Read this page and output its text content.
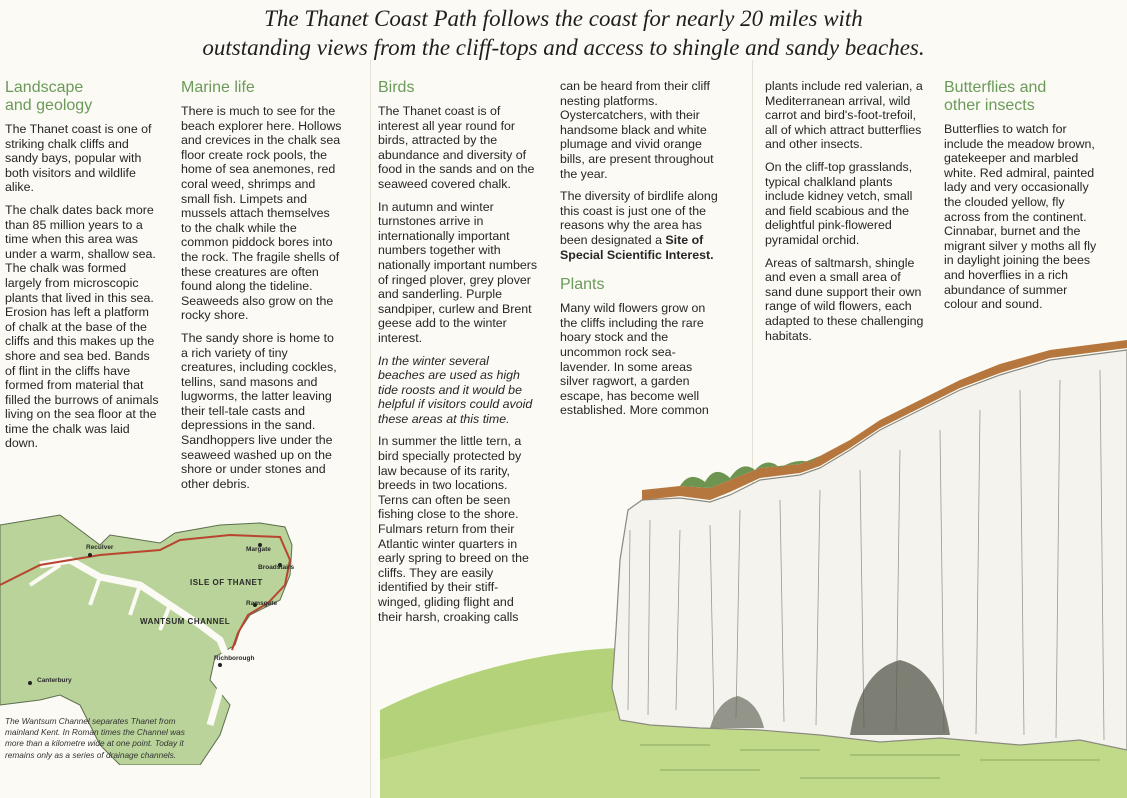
The Thanet Coast Path follows the coast for nearly 20 miles with
outstanding views from the cliff-tops and access to shingle and sandy beaches.
Landscape
and geology

The Thanet coast is one of striking chalk cliffs and sandy bays, popular with both visitors and wildlife alike.

The chalk dates back more than 85 million years to a time when this area was under a warm, shallow sea. The chalk was formed largely from microscopic plants that lived in this sea. Erosion has left a platform of chalk at the base of the cliffs and this makes up the shore and sea bed. Bands of flint in the cliffs have formed from material that filled the burrows of animals living on the sea floor at the time the chalk was laid down.

Marine life

There is much to see for the beach explorer here. Hollows and crevices in the chalk sea floor create rock pools, the home of sea anemones, red coral weed, shrimps and small fish. Limpets and mussels attach themselves to the chalk while the common piddock bores into the rock. The fragile shells of these creatures are often found along the tideline. Seaweeds also grow on the rocky shore.

The sandy shore is home to a rich variety of tiny creatures, including cockles, tellins, sand masons and lugworms, the latter leaving their tell-tale casts and depressions in the sand. Sandhoppers live under the seaweed washed up on the shore or under stones and other debris.

Birds

The Thanet coast is of interest all year round for birds, attracted by the abundance and diversity of food in the sands and on the seaweed covered chalk.

In autumn and winter turnstones arrive in internationally important numbers together with nationally important numbers of ringed plover, grey plover and sanderling. Purple sandpiper, curlew and Brent geese add to the winter interest.

In the winter several beaches are used as high tide roosts and it would be helpful if visitors could avoid these areas at this time.

In summer the little tern, a bird specially protected by law because of its rarity, breeds in two locations. Terns can often be seen fishing close to the shore. Fulmars return from their Atlantic winter quarters in early spring to breed on the cliffs. They are easily identified by their stiff-winged, gliding flight and their harsh, croaking calls

can be heard from their cliff nesting platforms. Oystercatchers, with their handsome black and white plumage and vivid orange bills, are present throughout the year.

The diversity of birdlife along this coast is just one of the reasons why the area has been designated a Site of Special Scientific Interest.

Plants

Many wild flowers grow on the cliffs including the rare hoary stock and the uncommon rock sea-lavender. In some areas silver ragwort, a garden escape, has become well established. More common

plants include red valerian, a Mediterranean arrival, wild carrot and bird's-foot-trefoil, all of which attract butterflies and other insects.

On the cliff-top grasslands, typical chalkland plants include kidney vetch, small and field scabious and the delightful pink-flowered pyramidal orchid.

Areas of saltmarsh, shingle and even a small area of sand dune support their own range of wild flowers, each adapted to these challenging habitats.

Butterflies and
other insects

Butterflies to watch for include the meadow brown, gatekeeper and marbled white. Red admiral, painted lady and very occasionally the clouded yellow, fly across from the continent. Cinnabar, burnet and the migrant silver y moths all fly in daylight joining the bees and hoverflies in a rich abundance of summer colour and sound.

Reculver	Margate
Broadstairs
ISLE OF THANET
Ramsgate
WANTSUM CHANNEL
Richborough
Canterbury
The Wantsum Channel separates Thanet from mainland Kent. In Roman times the Channel was more than a kilometre wide at one point. Today it remains only as a series of drainage channels.
